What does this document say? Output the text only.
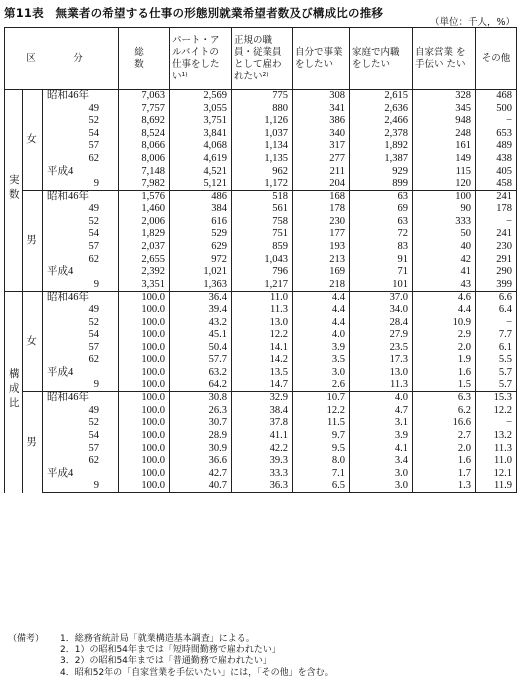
第11表　無業者の希望する仕事の形態別就業希望者数及び構成比の推移
（単位：千人，%）
区　分			総　数	パート・ア ルバイトの 仕事をした い¹⁾	正規の職 員・従業員 として雇わ れたい²⁾	自分で事業 をしたい	家庭で内職 をしたい	自家営業 を手伝い たい	その他
実数	女	昭和46年	7,063	2,569	775	308	2,615	328	468
		49	7,757	3,055	880	341	2,636	345	500
		52	8,692	3,751	1,126	386	2,466	948	−
		54	8,524	3,841	1,037	340	2,378	248	653
		57	8,066	4,068	1,134	317	1,892	161	489
		62	8,006	4,619	1,135	277	1,387	149	438
		平成4	7,148	4,521	962	211	929	115	405
		9	7,982	5,121	1,172	204	899	120	458
	男	昭和46年	1,576	486	518	168	63	100	241
		49	1,460	384	561	178	69	90	178
		52	2,006	616	758	230	63	333	−
		54	1,829	529	751	177	72	50	241
		57	2,037	629	859	193	83	40	230
		62	2,655	972	1,043	213	91	42	291
		平成4	2,392	1,021	796	169	71	41	290
		9	3,351	1,363	1,217	218	101	43	399
構成比	女	昭和46年	100.0	36.4	11.0	4.4	37.0	4.6	6.6
		49	100.0	39.4	11.3	4.4	34.0	4.4	6.4
		52	100.0	43.2	13.0	4.4	28.4	10.9	−
		54	100.0	45.1	12.2	4.0	27.9	2.9	7.7
		57	100.0	50.4	14.1	3.9	23.5	2.0	6.1
		62	100.0	57.7	14.2	3.5	17.3	1.9	5.5
		平成4	100.0	63.2	13.5	3.0	13.0	1.6	5.7
		9	100.0	64.2	14.7	2.6	11.3	1.5	5.7
	男	昭和46年	100.0	30.8	32.9	10.7	4.0	6.3	15.3
		49	100.0	26.3	38.4	12.2	4.7	6.2	12.2
		52	100.0	30.7	37.8	11.5	3.1	16.6	−
		54	100.0	28.9	41.1	9.7	3.9	2.7	13.2
		57	100.0	30.9	42.2	9.5	4.1	2.0	11.3
		62	100.0	36.6	39.3	8.0	3.4	1.6	11.0
		平成4	100.0	42.7	33.3	7.1	3.0	1.7	12.1
		9	100.0	40.7	36.3	6.5	3.0	1.3	11.9
（備考） 1．総務省統計局「就業構造基本調査」による。
2．1）の昭和54年までは「短時間勤務で雇われたい」
3．2）の昭和54年までは「普通勤務で雇われたい」
4．昭和52年の「自家営業を手伝いたい」には，「その他」を含む。
